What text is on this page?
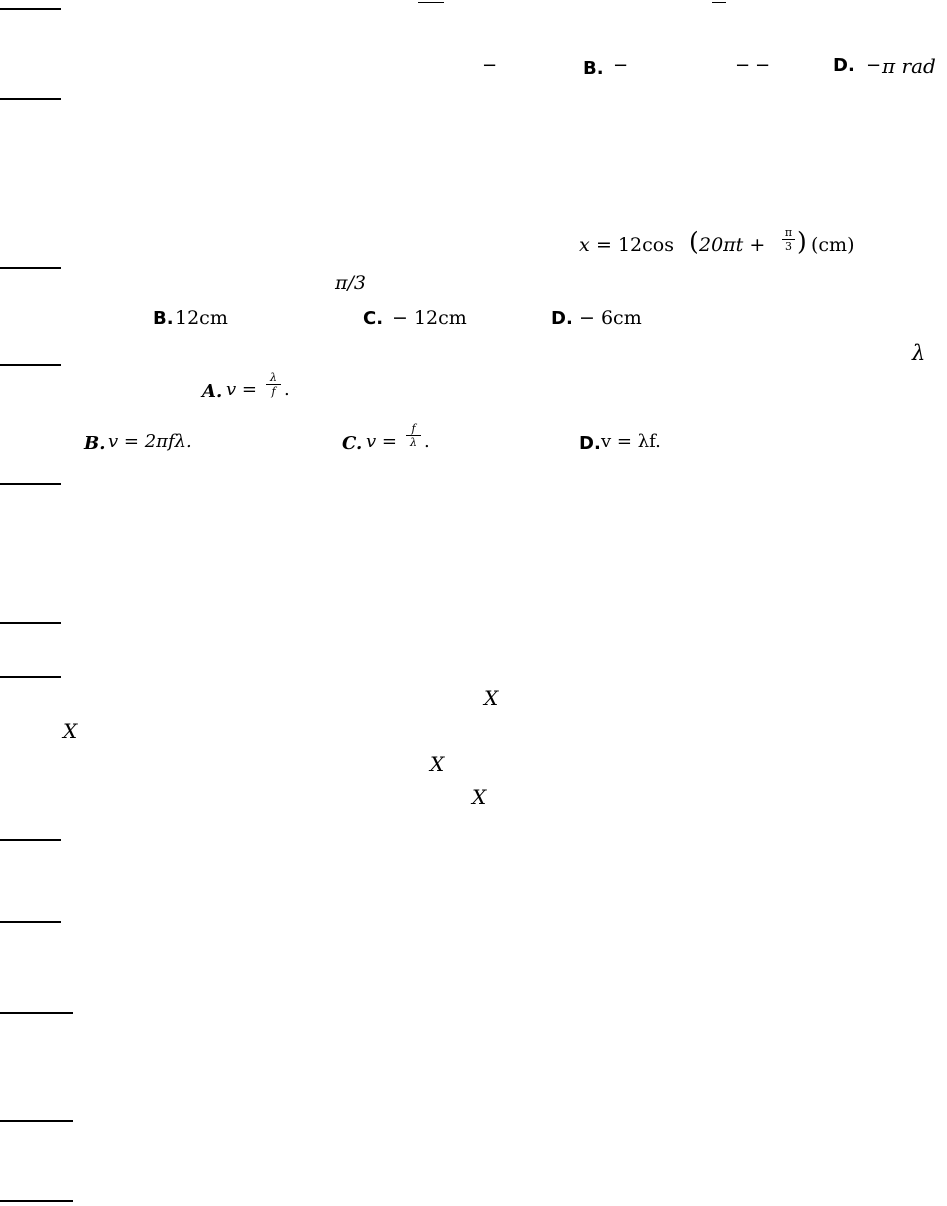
−	B. −	− −	D. − π rad
x = 12cos ( 20πt +
π
3 ) (cm)
π/3
B. 12cm	C. − 12cm	D. − 6cm
λ
A. v =
λ
f .
B. v = 2πfλ.	C. v =
f
λ .	D. v = λf.
X
X
X
X
